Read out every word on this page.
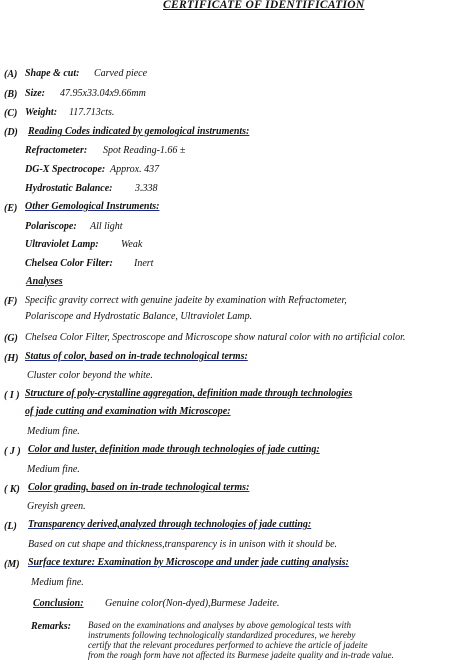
CERTIFICATE OF IDENTIFICATION
(A) Shape & cut: Carved piece
(B) Size: 47.95x33.04x9.66mm
(C) Weight: 117.713cts.
(D) Reading Codes indicated by gemological instruments:
Refractometer: Spot Reading-1.66 ±
DG-X Spectrocope: Approx. 437
Hydrostatic Balance: 3.338
(E) Other Gemological Instruments:
Polariscope: All light
Ultraviolet Lamp: Weak
Chelsea Color Filter: Inert
Analyses
(F) Specific gravity correct with genuine jadeite by examination with Refractometer,
Polariscope and Hydrostatic Balance, Ultraviolet Lamp.
(G) Chelsea Color Filter, Spectroscope and Microscope show natural color with no artificial color.
(H) Status of color, based on in-trade technological terms:
Cluster color beyond the white.
( I ) Structure of poly-crystalline aggregation, definition made through technologies
of jade cutting and examination with Microscope:
Medium fine.
( J ) Color and luster, definition made through technologies of jade cutting:
Medium fine.
( K) Color grading, based on in-trade technological terms:
Greyish green.
(L) Transparency derived,analyzed through technologies of jade cutting:
Based on cut shape and thickness,transparency is in unison with it should be.
(M) Surface texture: Examination by Microscope and under jade cutting analysis:
Medium fine.
Conclusion: Genuine color(Non-dyed),Burmese Jadeite.
Remarks: Based on the examinations and analyses by above gemological tests with
instruments following technologically standardized procedures, we hereby
certify that the relevant procedures performed to achieve the article of jadeite
from the rough form have not affected its Burmese jadeite quality and in-trade value.
